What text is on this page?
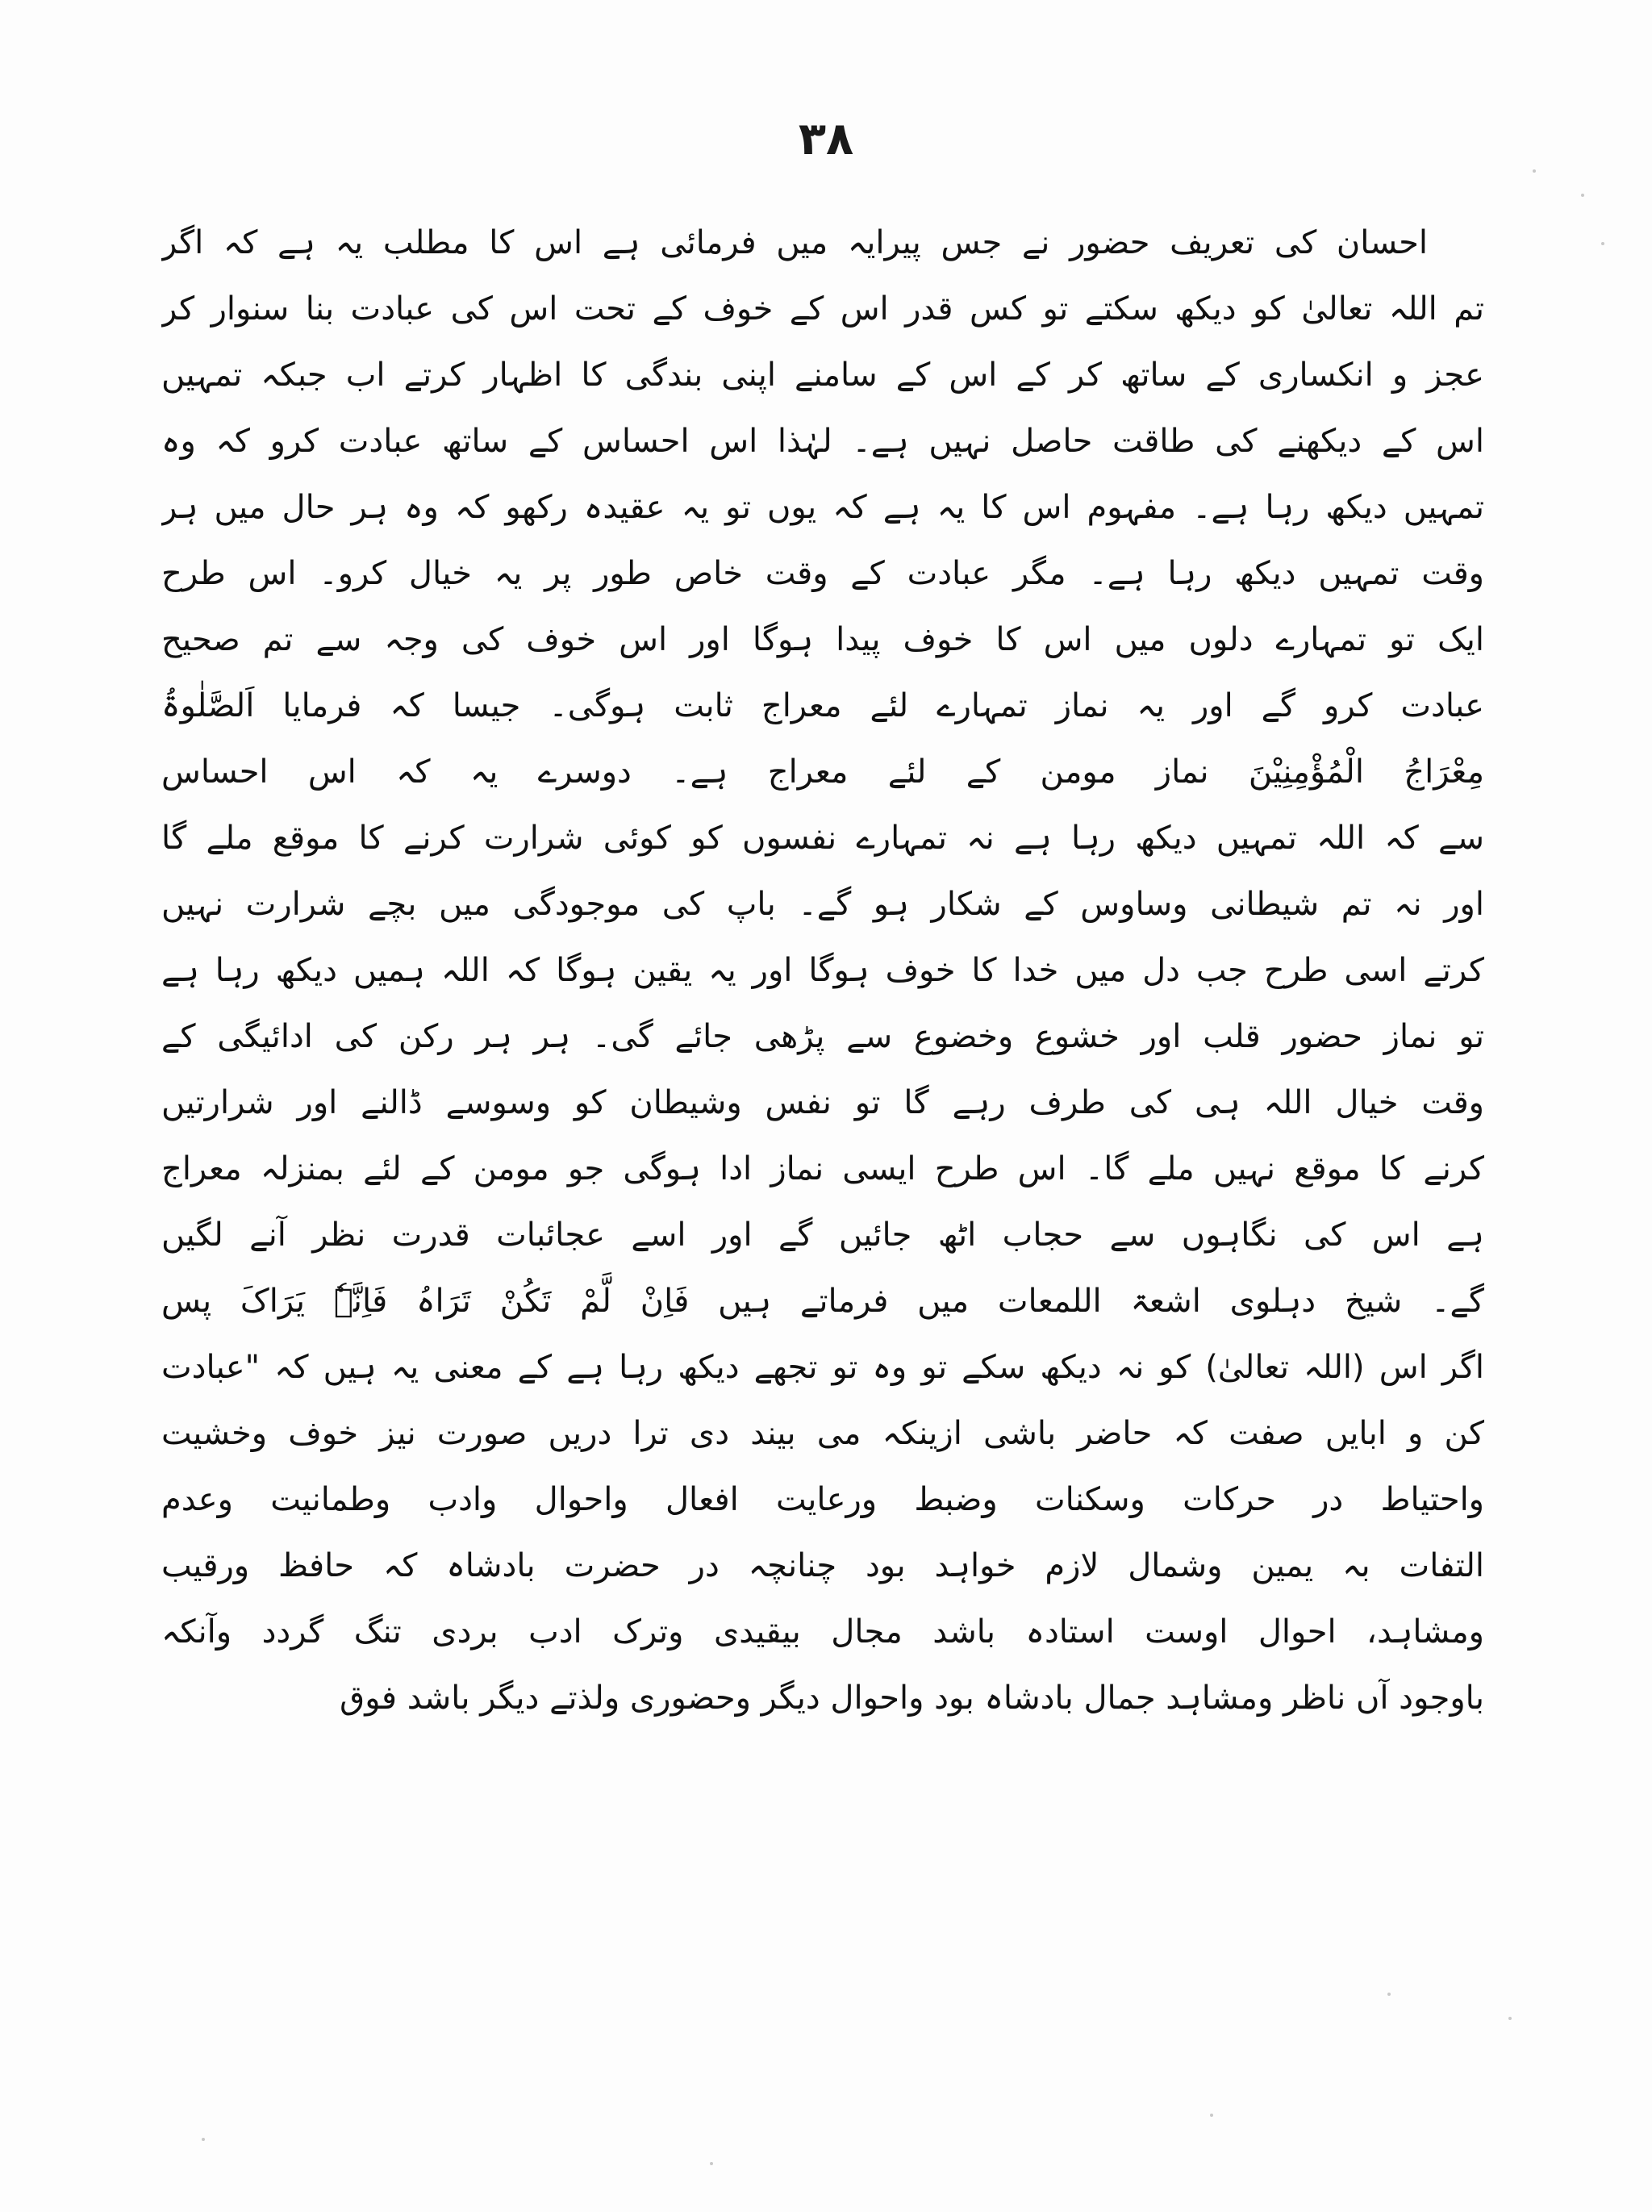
۳۸
احسان کی تعریف حضور نے جس پیرایہ میں فرمائی ہے اس کا مطلب یہ ہے کہ اگر
تم اللہ تعالیٰ کو دیکھ سکتے تو کس قدر اس کے خوف کے تحت اس کی عبادت بنا سنوار کر
عجز و انکساری کے ساتھ کر کے اس کے سامنے اپنی بندگی کا اظہار کرتے اب جبکہ تمہیں
اس کے دیکھنے کی طاقت حاصل نہیں ہے۔ لہٰذا اس احساس کے ساتھ عبادت کرو کہ وہ
تمہیں دیکھ رہا ہے۔ مفہوم اس کا یہ ہے کہ یوں تو یہ عقیدہ رکھو کہ وہ ہر حال میں ہر
وقت تمہیں دیکھ رہا ہے۔ مگر عبادت کے وقت خاص طور پر یہ خیال کرو۔ اس طرح
ایک تو تمہارے دلوں میں اس کا خوف پیدا ہوگا اور اس خوف کی وجہ سے تم صحیح
عبادت کرو گے اور یہ نماز تمہارے لئے معراج ثابت ہوگی۔ جیسا کہ فرمایا اَلصَّلٰوۃُ
مِعْرَاجُ الْمُؤْمِنِیْنَ نماز مومن کے لئے معراج ہے۔ دوسرے یہ کہ اس احساس
سے کہ اللہ تمہیں دیکھ رہا ہے نہ تمہارے نفسوں کو کوئی شرارت کرنے کا موقع ملے گا
اور نہ تم شیطانی وساوس کے شکار ہو گے۔ باپ کی موجودگی میں بچے شرارت نہیں
کرتے اسی طرح جب دل میں خدا کا خوف ہوگا اور یہ یقین ہوگا کہ اللہ ہمیں دیکھ رہا ہے
تو نماز حضور قلب اور خشوع وخضوع سے پڑھی جائے گی۔ ہر ہر رکن کی ادائیگی کے
وقت خیال اللہ ہی کی طرف رہے گا تو نفس وشیطان کو وسوسے ڈالنے اور شرارتیں
کرنے کا موقع نہیں ملے گا۔ اس طرح ایسی نماز ادا ہوگی جو مومن کے لئے بمنزلہ معراج
ہے اس کی نگاہوں سے حجاب اٹھ جائیں گے اور اسے عجائبات قدرت نظر آنے لگیں
گے۔ شیخ دہلوی اشعۃ اللمعات میں فرماتے ہیں فَاِنْ لَّمْ تَکُنْ تَرَاہُ فَاِنَّہٗ یَرَاکَ پس
اگر اس (اللہ تعالیٰ) کو نہ دیکھ سکے تو وہ تو تجھے دیکھ رہا ہے کے معنی یہ ہیں کہ "عبادت
کن و ابایں صفت کہ حاضر باشی ازینکہ می بیند دی ترا دریں صورت نیز خوف وخشیت
واحتیاط در حرکات وسکنات وضبط ورعایت افعال واحوال وادب وطمانیت وعدم
التفات بہ یمین وشمال لازم خواہد بود چنانچہ در حضرت بادشاہ کہ حافظ ورقیب
ومشاہد، احوال اوست استادہ باشد مجال بیقیدی وترک ادب بردی تنگ گردد وآنکہ
باوجود آں ناظر ومشاہد جمال بادشاہ بود واحوال دیگر وحضوری ولذتے دیگر باشد فوق
